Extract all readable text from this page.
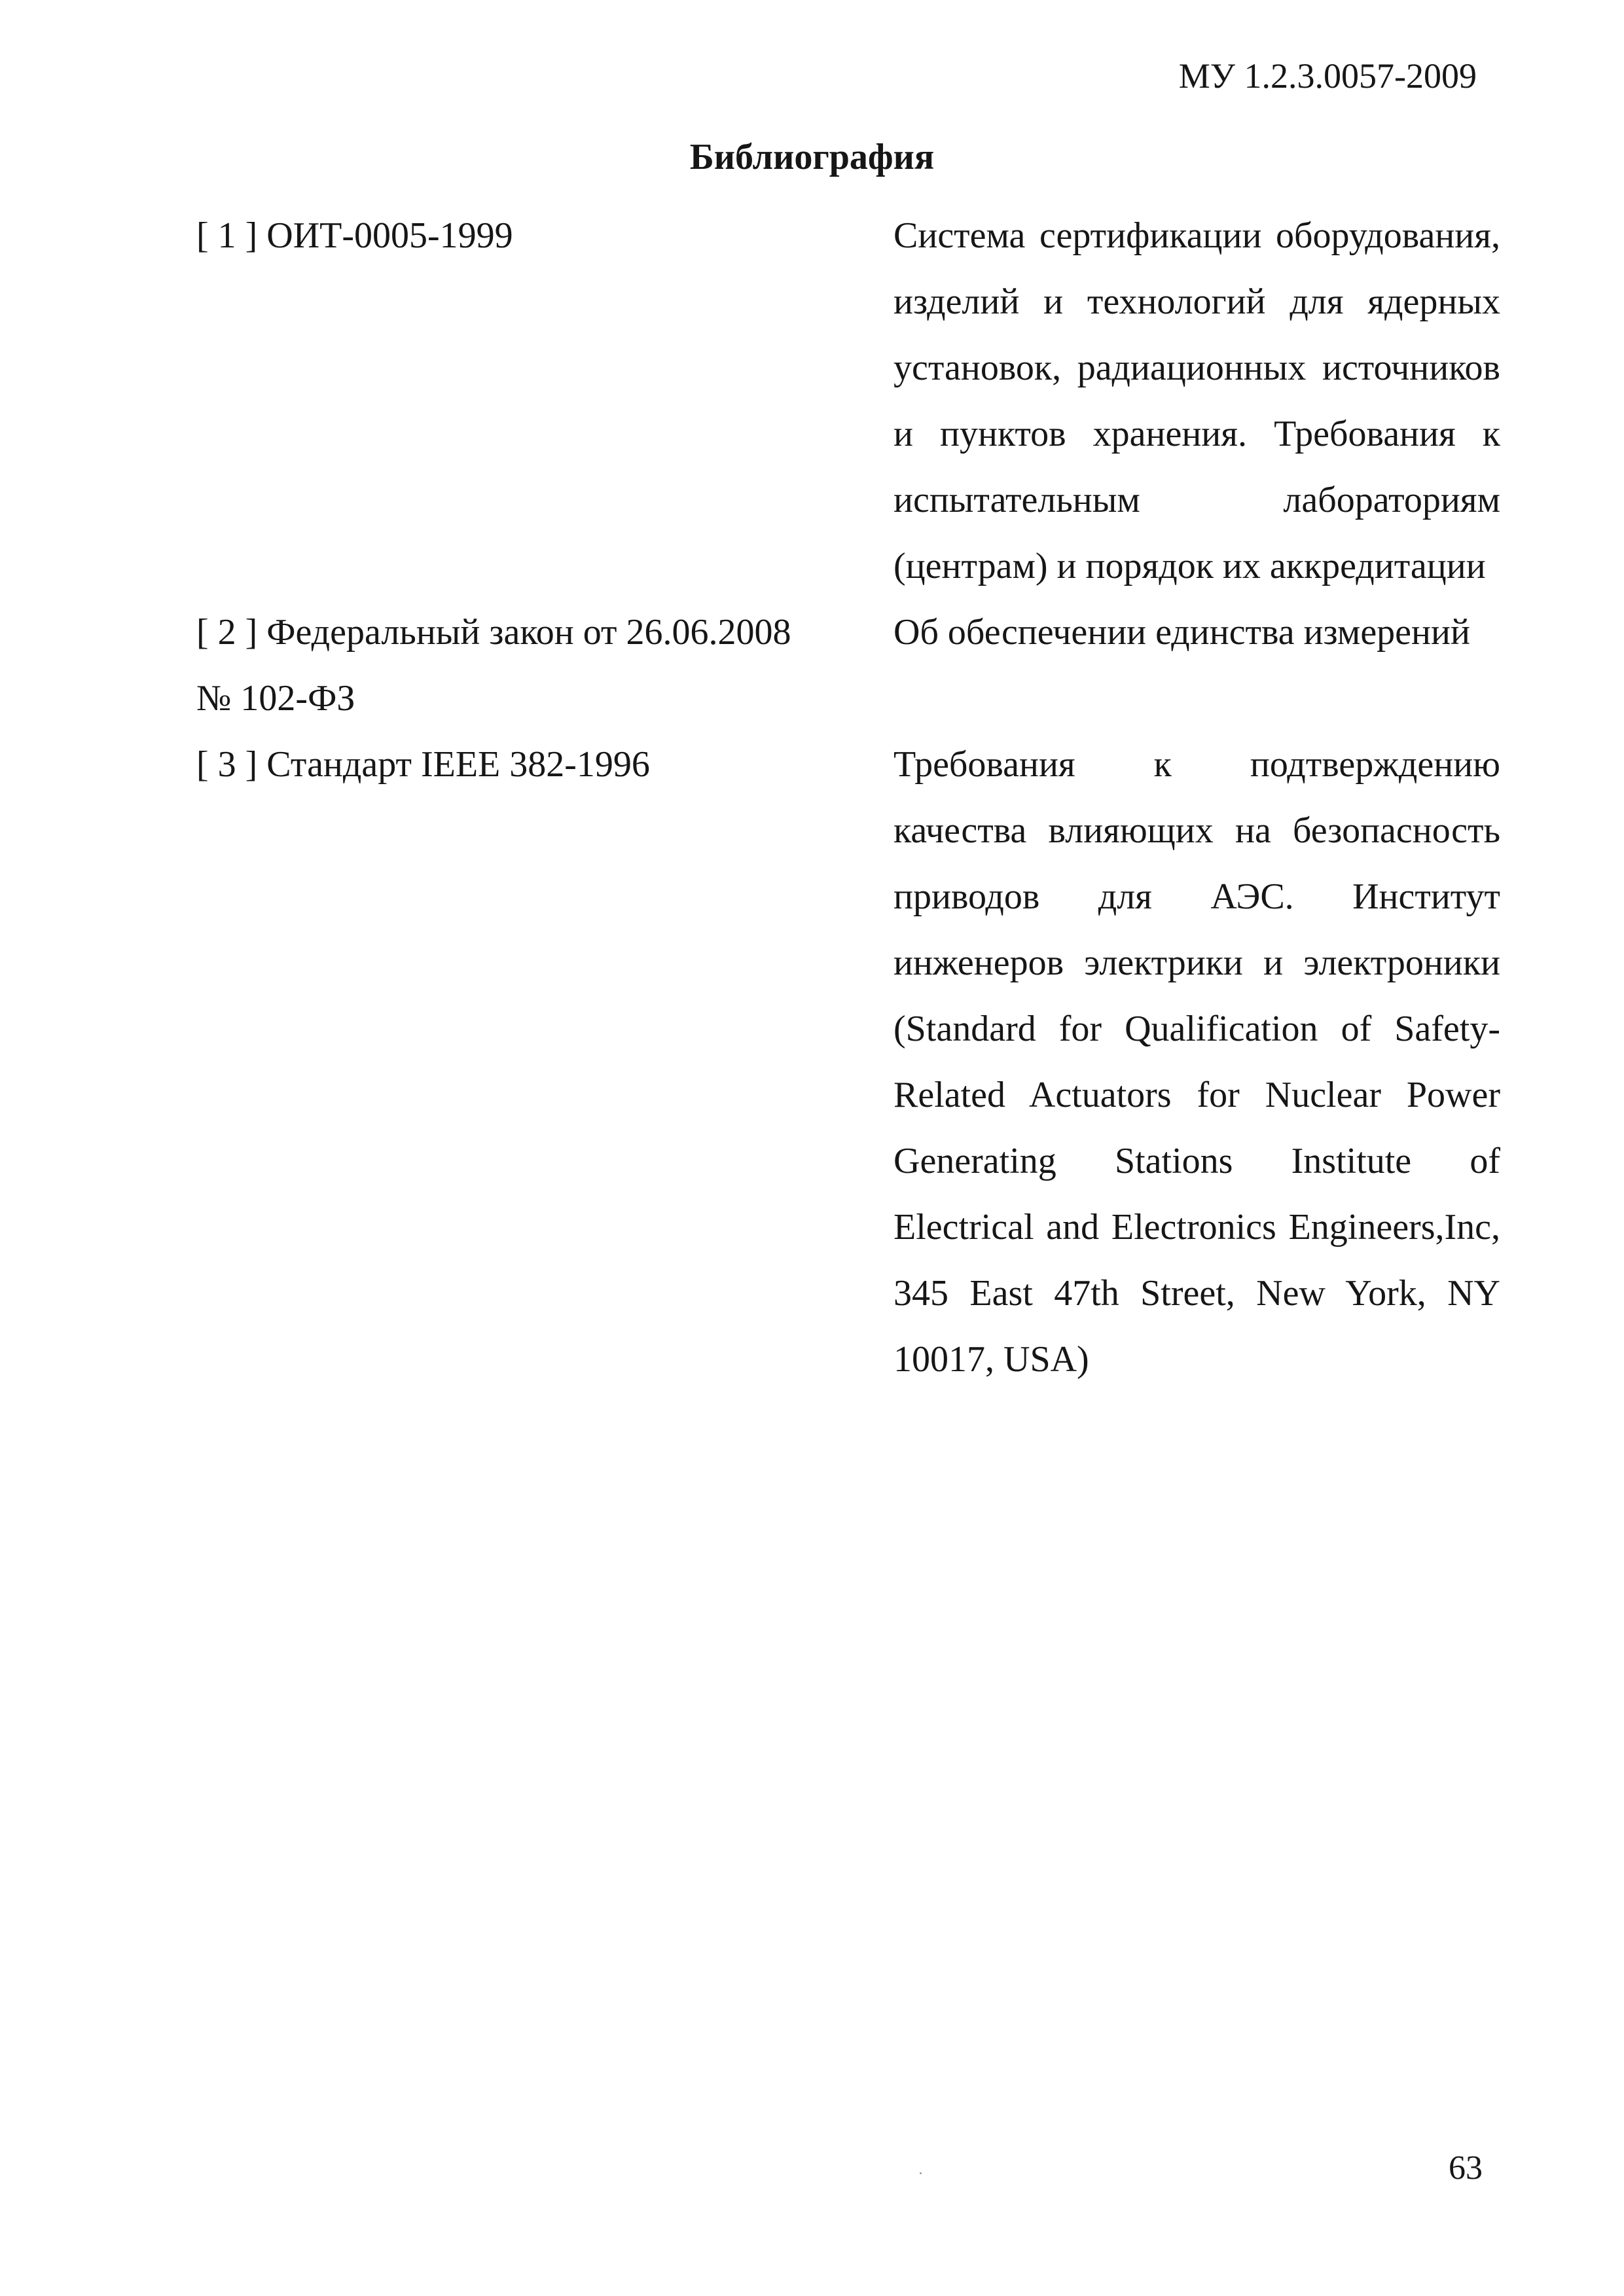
МУ 1.2.3.0057-2009
Библиография
[ 1 ] ОИТ-0005-1999	Система сертификации оборудования, изделий и технологий для ядерных установок, радиационных источников и пунктов хранения. Требования к испытательным лабораториям (центрам) и порядок их аккредитации
[ 2 ] Федеральный закон от 26.06.2008
№ 102-ФЗ
Об обеспечении единства измерений
[ 3 ] Стандарт IEEE 382-1996	Требования к подтверждению качества влияющих на безопасность приводов для АЭС. Институт инженеров электрики и электроники (Standard for Qualification of Safety-Related Actuators for Nuclear Power Generating Stations Institute of Electrical and Electronics Engineers,Inc, 345 East 47th Street, New York, NY 10017, USA)
63
